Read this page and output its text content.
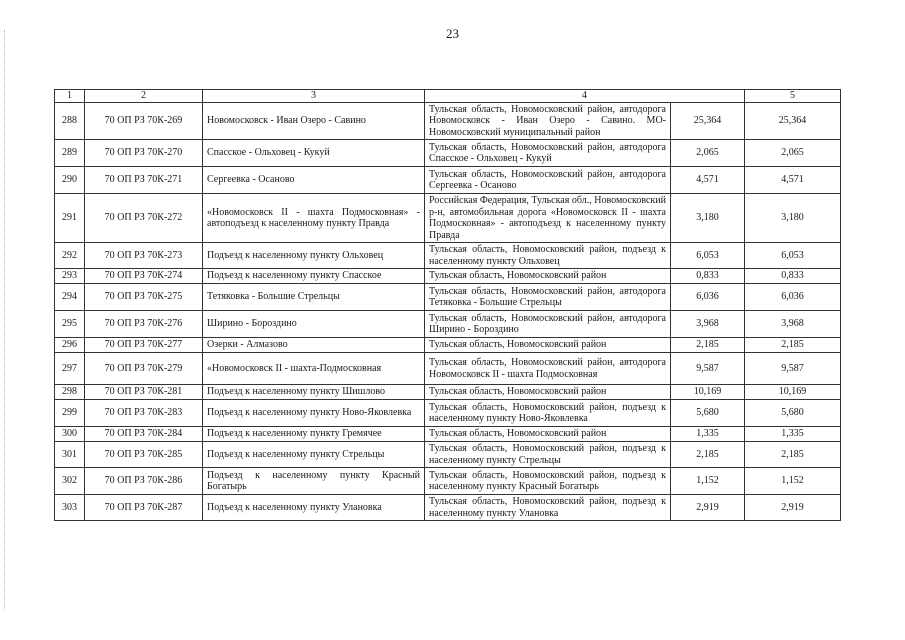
23
1	2	3	4		5
288	70 ОП РЗ 70К-269	Новомосковск - Иван Озеро - Савино	Тульская область, Новомосковский район, автодорога Новомосковск - Иван Озеро - Савино. МО-Новомосковский муниципальный район	25,364	25,364
289	70 ОП РЗ 70К-270	Спасское - Ольховец - Кукуй	Тульская область, Новомосковский район, автодорога Спасское - Ольховец - Кукуй	2,065	2,065
290	70 ОП РЗ 70К-271	Сергеевка - Осаново	Тульская область, Новомосковский район, автодорога Сергеевка - Осаново	4,571	4,571
291	70 ОП РЗ 70К-272	«Новомосковск II - шахта Подмосковная» - автоподъезд к населенному пункту Правда	Российская Федерация, Тульская обл., Новомосковский р-н, автомобильная дорога «Новомосковск II - шахта Подмосковная» - автоподъезд к населенному пункту Правда	3,180	3,180
292	70 ОП РЗ 70К-273	Подъезд к населенному пункту Ольховец	Тульская область, Новомосковский район, подъезд к населенному пункту Ольховец	6,053	6,053
293	70 ОП РЗ 70К-274	Подъезд к населенному пункту Спасское	Тульская область, Новомосковский район	0,833	0,833
294	70 ОП РЗ 70К-275	Тетяковка - Большие Стрельцы	Тульская область, Новомосковский район, автодорога Тетяковка - Большие Стрельцы	6,036	6,036
295	70 ОП РЗ 70К-276	Ширино - Бороздино	Тульская область, Новомосковский район, автодорога Ширино - Бороздино	3,968	3,968
296	70 ОП РЗ 70К-277	Озерки - Алмазово	Тульская область, Новомосковский район	2,185	2,185
297	70 ОП РЗ 70К-279	«Новомосковск II - шахта-Подмосковная	Тульская область, Новомосковский район, автодорога Новомосковск II - шахта Подмосковная	9,587	9,587
298	70 ОП РЗ 70К-281	Подъезд к населенному пункту Шишлово	Тульская область, Новомосковский район	10,169	10,169
299	70 ОП РЗ 70К-283	Подъезд к населенному пункту Ново-Яковлевка	Тульская область, Новомосковский район, подъезд к населенному пункту Ново-Яковлевка	5,680	5,680
300	70 ОП РЗ 70К-284	Подъезд к населенному пункту Гремячее	Тульская область, Новомосковский район	1,335	1,335
301	70 ОП РЗ 70К-285	Подъезд к населенному пункту Стрельцы	Тульская область, Новомосковский район, подъезд к населенному пункту Стрельцы	2,185	2,185
302	70 ОП РЗ 70К-286	Подъезд к населенному пункту Красный Богатырь	Тульская область, Новомосковский район, подъезд к населенному пункту Красный Богатырь	1,152	1,152
303	70 ОП РЗ 70К-287	Подъезд к населенному пункту Улановка	Тульская область, Новомосковский район, подъезд к населенному пункту Улановка	2,919	2,919
